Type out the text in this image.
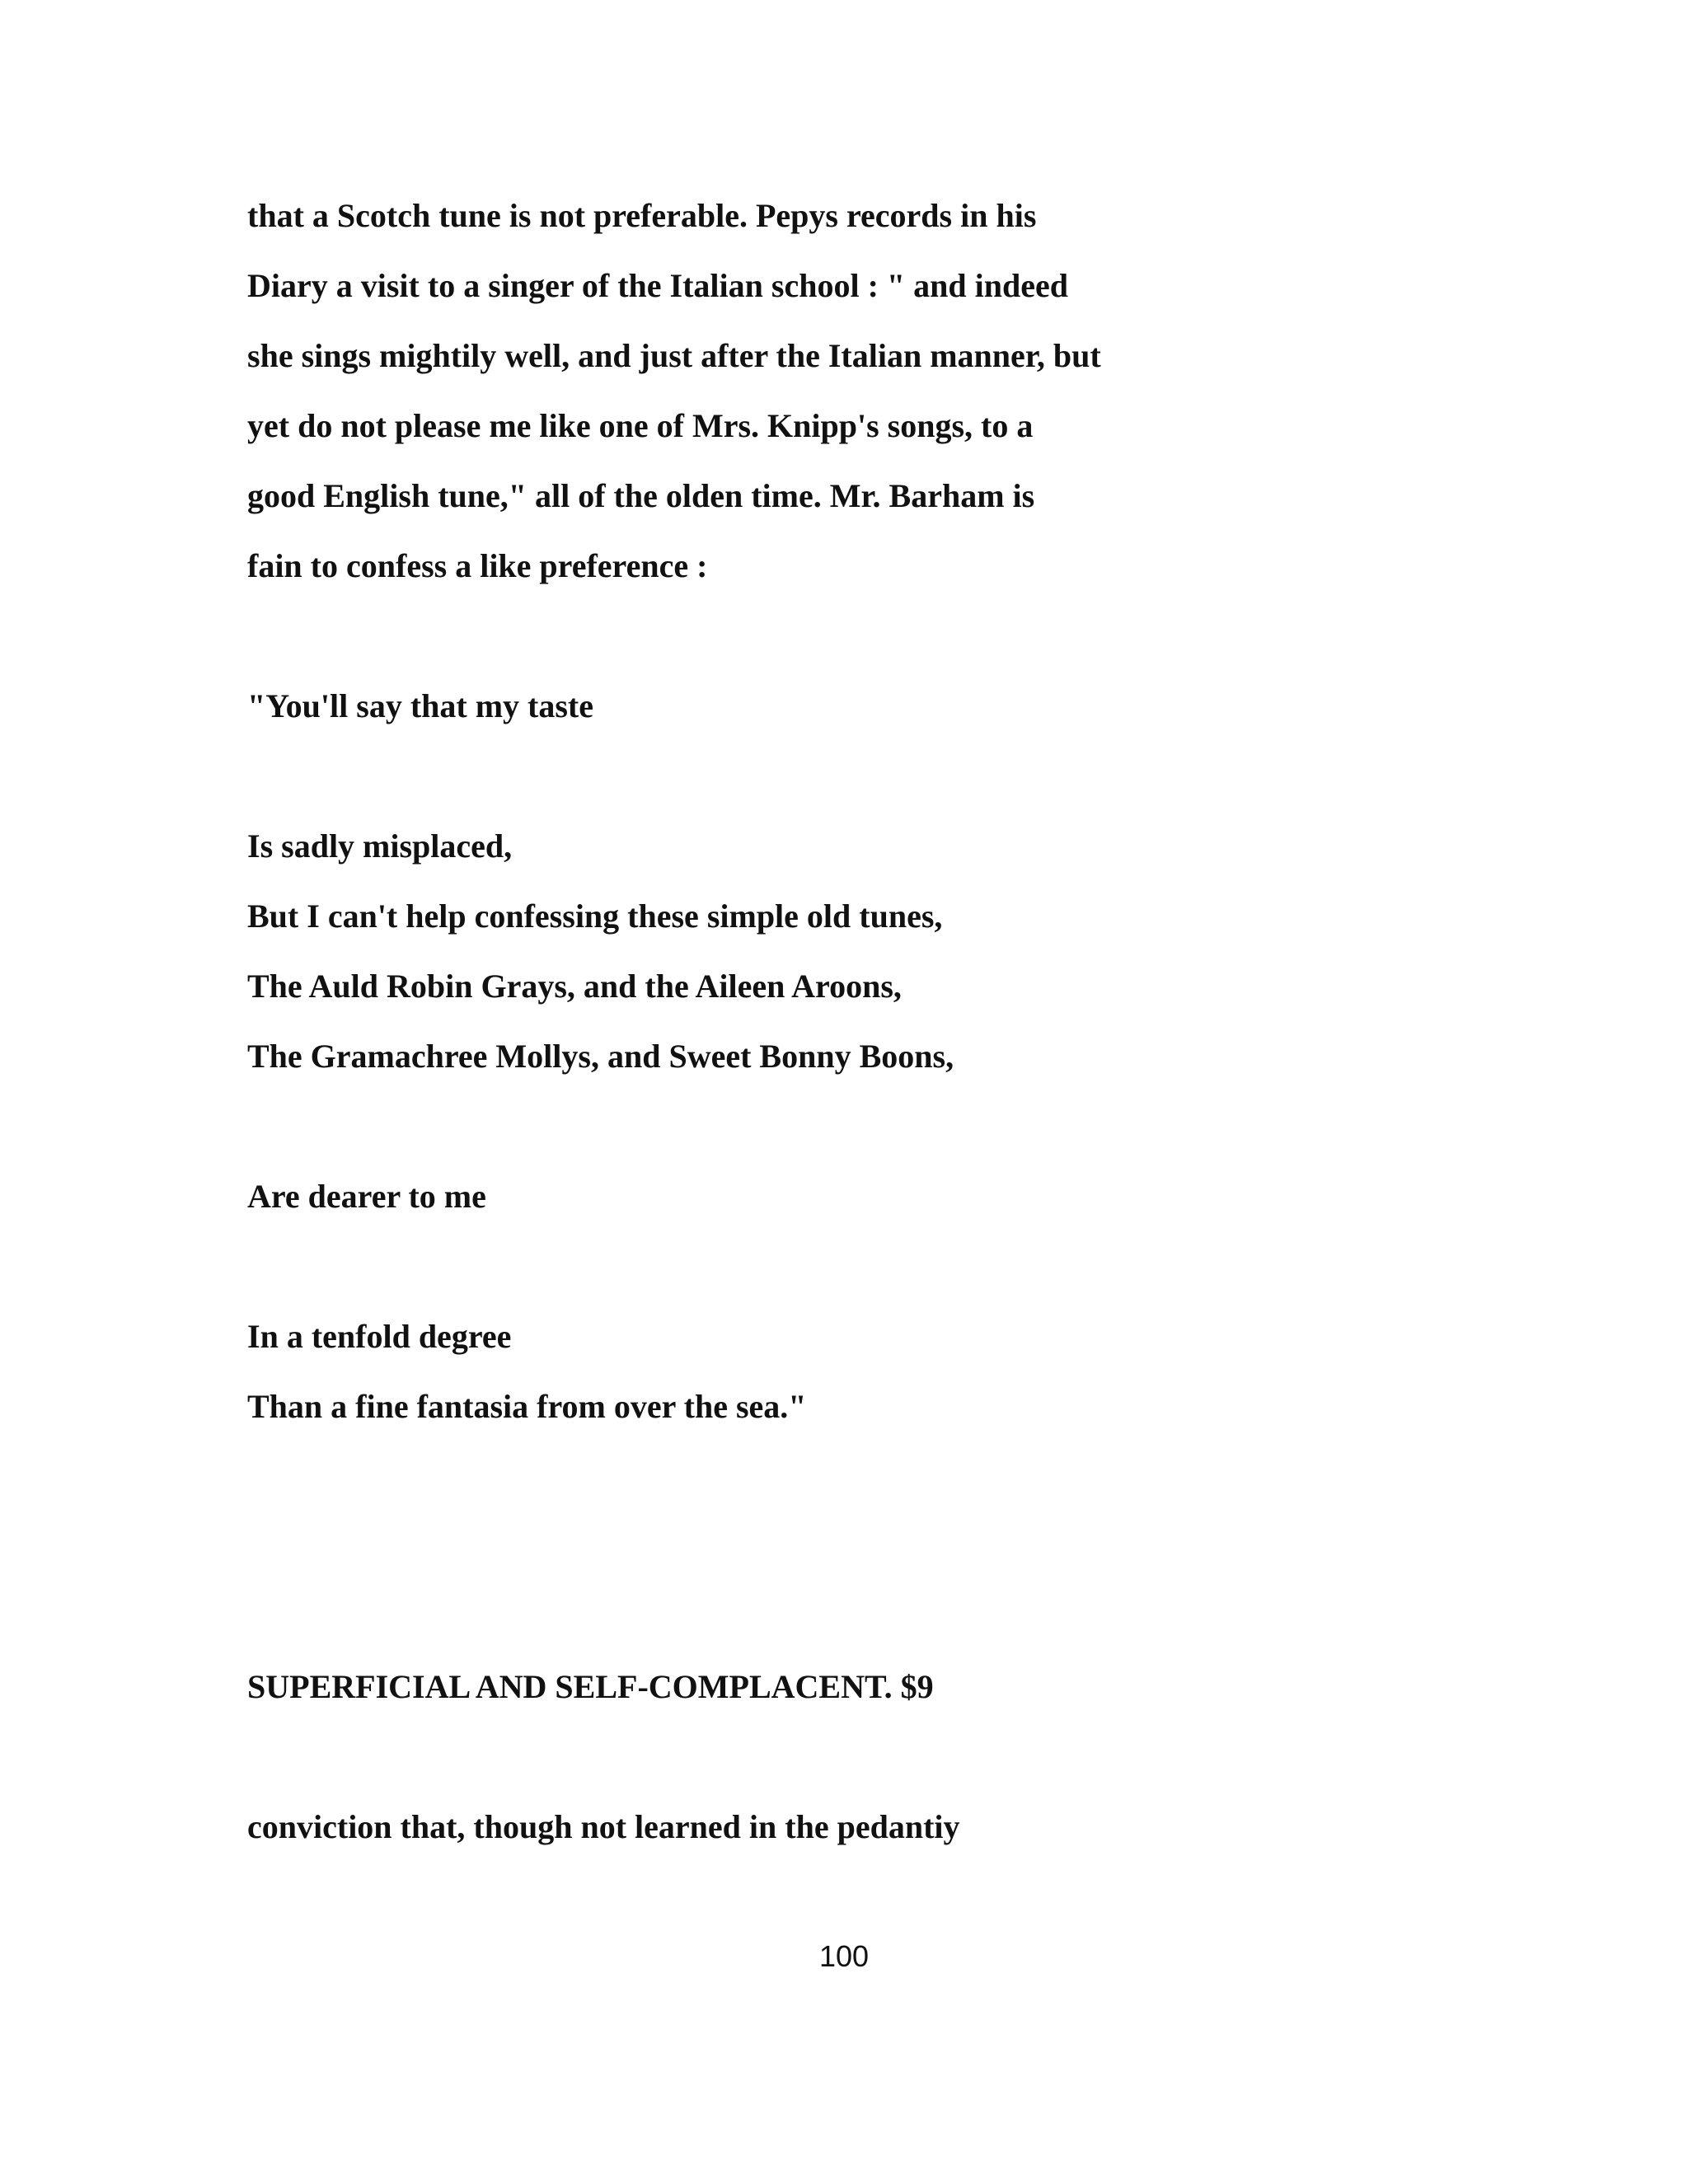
that a Scotch tune is not preferable. Pepys records in his

Diary a visit to a singer of the Italian school : " and indeed

she sings mightily well, and just after the Italian manner, but

yet do not please me like one of Mrs. Knipp's songs, to a

good English tune," all of the olden time. Mr. Barham is

fain to confess a like preference :

"You'll say that my taste

Is sadly misplaced,

But I can't help confessing these simple old tunes,

The Auld Robin Grays, and the Aileen Aroons,

The Gramachree Mollys, and Sweet Bonny Boons,

Are dearer to me

In a tenfold degree

Than a fine fantasia from over the sea."

SUPERFICIAL AND SELF-COMPLACENT. $9

conviction that, though not learned in the pedantiy

100
